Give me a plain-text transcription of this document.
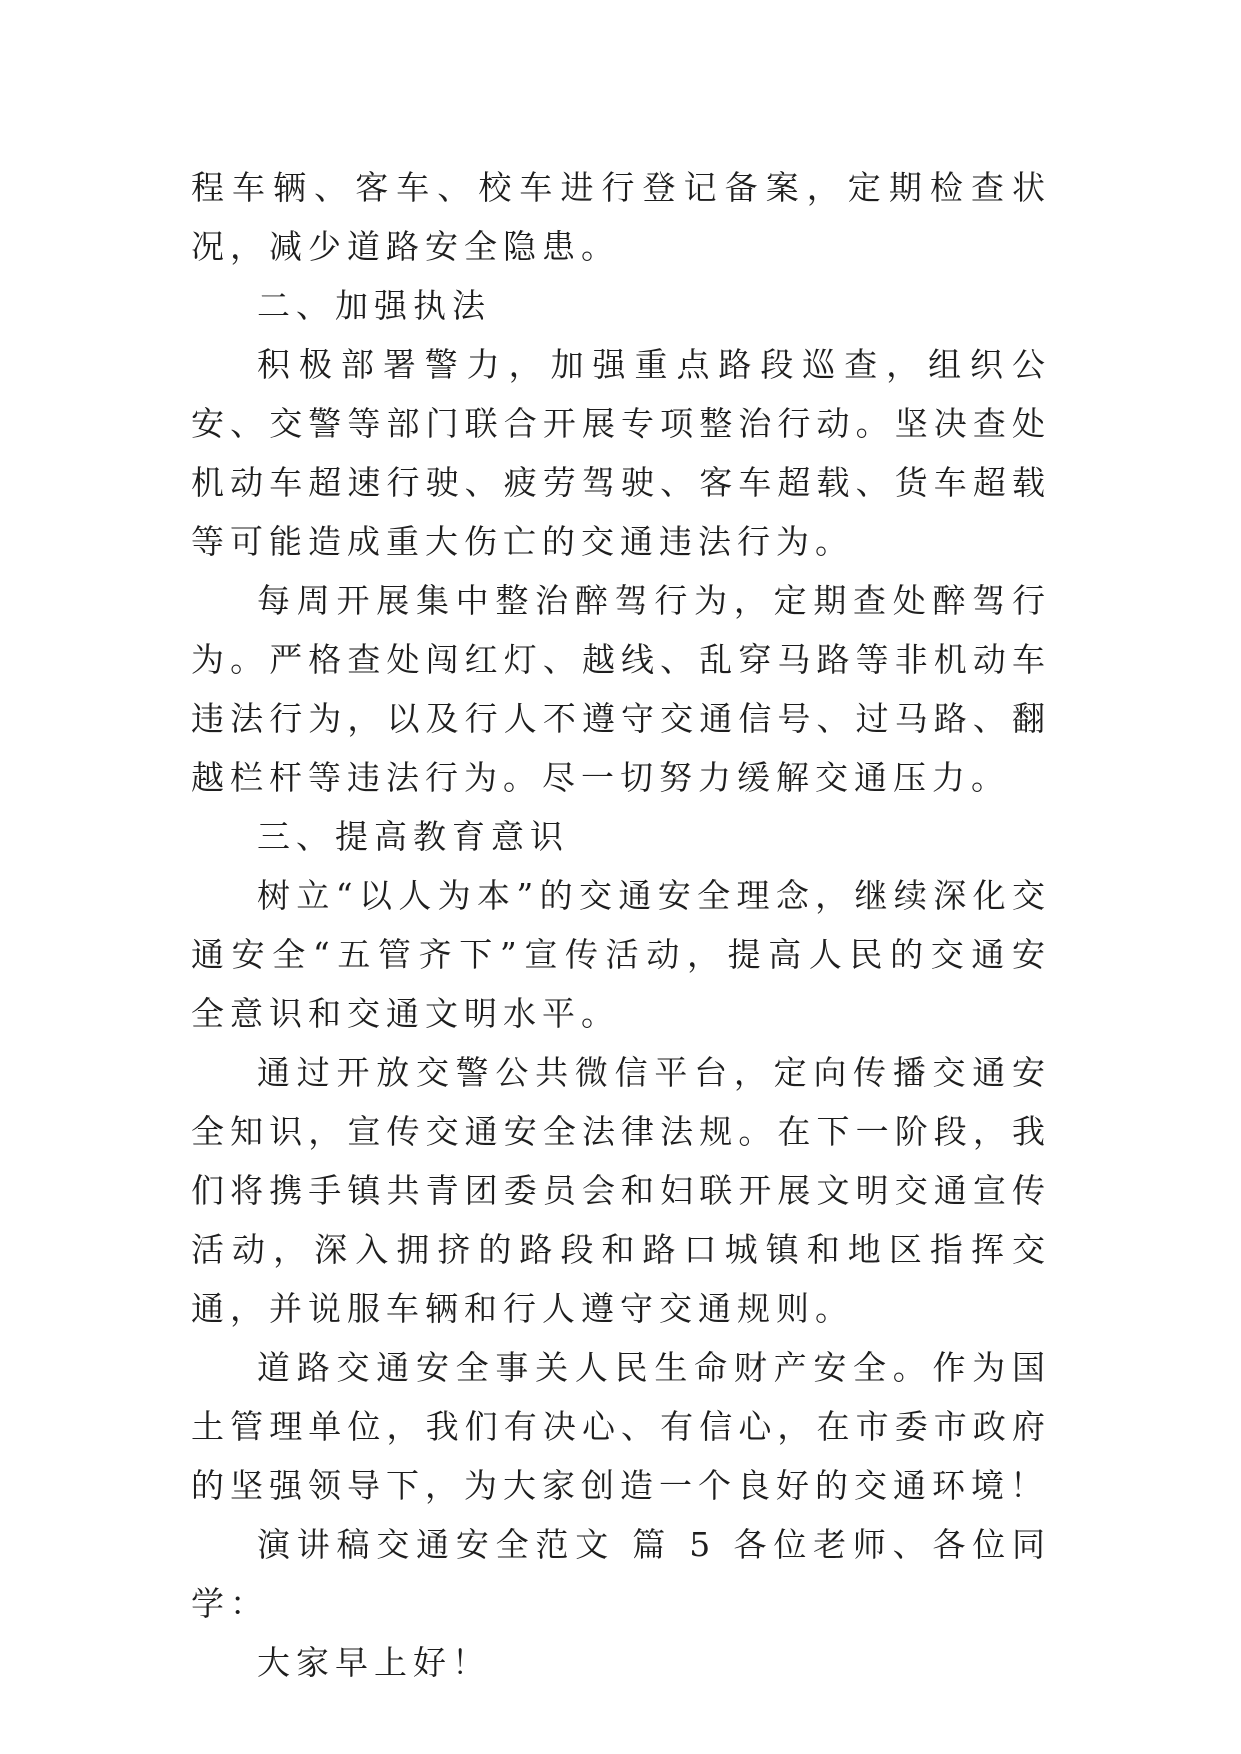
程车辆、客车、校车进行登记备案，定期检查状况，减少道路安全隐患。

二、加强执法

积极部署警力，加强重点路段巡查，组织公安、交警等部门联合开展专项整治行动。坚决查处机动车超速行驶、疲劳驾驶、客车超载、货车超载等可能造成重大伤亡的交通违法行为。

每周开展集中整治醉驾行为，定期查处醉驾行为。严格查处闯红灯、越线、乱穿马路等非机动车违法行为，以及行人不遵守交通信号、过马路、翻越栏杆等违法行为。尽一切努力缓解交通压力。

三、提高教育意识

树立“以人为本”的交通安全理念，继续深化交通安全“五管齐下”宣传活动，提高人民的交通安全意识和交通文明水平。

通过开放交警公共微信平台，定向传播交通安全知识，宣传交通安全法律法规。在下一阶段，我们将携手镇共青团委员会和妇联开展文明交通宣传活动，深入拥挤的路段和路口城镇和地区指挥交通，并说服车辆和行人遵守交通规则。

道路交通安全事关人民生命财产安全。作为国土管理单位，我们有决心、有信心，在市委市政府的坚强领导下，为大家创造一个良好的交通环境！

演讲稿交通安全范文 篇 5 各位老师、各位同学：

大家早上好！
